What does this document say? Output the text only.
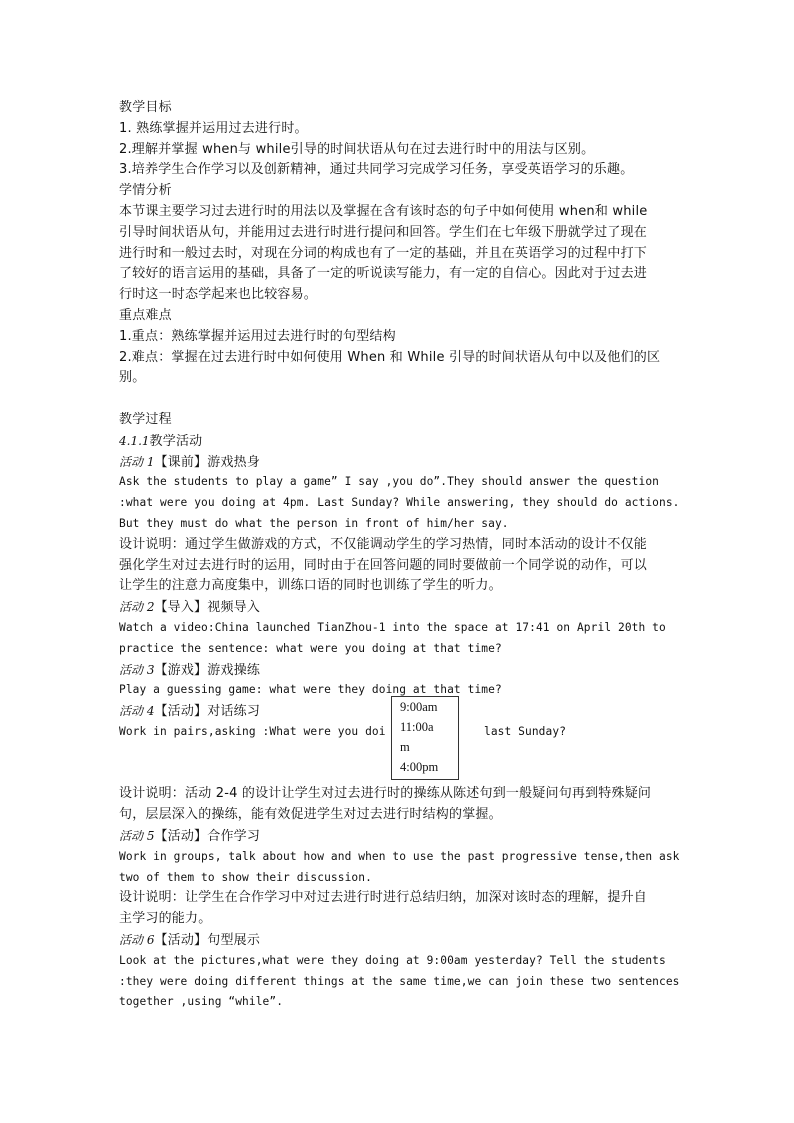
教学目标
1. 熟练掌握并运用过去进行时。
2.理解并掌握 when与 while引导的时间状语从句在过去进行时中的用法与区别。
3.培养学生合作学习以及创新精神，通过共同学习完成学习任务，享受英语学习的乐趣。
学情分析
本节课主要学习过去进行时的用法以及掌握在含有该时态的句子中如何使用 when和 while
引导时间状语从句，并能用过去进行时进行提问和回答。学生们在七年级下册就学过了现在
进行时和一般过去时，对现在分词的构成也有了一定的基础，并且在英语学习的过程中打下
了较好的语言运用的基础，具备了一定的听说读写能力，有一定的自信心。因此对于过去进
行时这一时态学起来也比较容易。
重点难点
1.重点：熟练掌握并运用过去进行时的句型结构
2.难点：掌握在过去进行时中如何使用 When 和 While 引导的时间状语从句中以及他们的区
别。
教学过程
4.1.1教学活动
活动 1【课前】游戏热身
Ask the students to play a game” I say ,you do”.They should answer the question
:what were you doing at 4pm. Last Sunday? While answering, they should do actions.
But they must do what the person in front of him/her say.
设计说明：通过学生做游戏的方式，不仅能调动学生的学习热情，同时本活动的设计不仅能
强化学生对过去进行时的运用，同时由于在回答问题的同时要做前一个同学说的动作，可以
让学生的注意力高度集中，训练口语的同时也训练了学生的听力。
活动 2【导入】视频导入
Watch a video:China launched TianZhou-1 into the space at 17:41 on April 20th to
practice the sentence: what were you doing at that time?
活动 3【游戏】游戏操练
Play a guessing game: what were they doing at that time?
活动 4【活动】对话练习
Work in pairs,asking :What were you doi	last Sunday?
设计说明：活动 2-4 的设计让学生对过去进行时的操练从陈述句到一般疑问句再到特殊疑问
句，层层深入的操练，能有效促进学生对过去进行时结构的掌握。
活动 5【活动】合作学习
Work in groups, talk about how and when to use the past progressive tense,then ask
two of them to show their discussion.
设计说明：让学生在合作学习中对过去进行时进行总结归纳，加深对该时态的理解，提升自
主学习的能力。
活动 6【活动】句型展示
Look at the pictures,what were they doing at 9:00am yesterday? Tell the students
:they were doing different things at the same time,we can join these two sentences
together ,using “while”.
9:00am
11:00a
m
4:00pm
